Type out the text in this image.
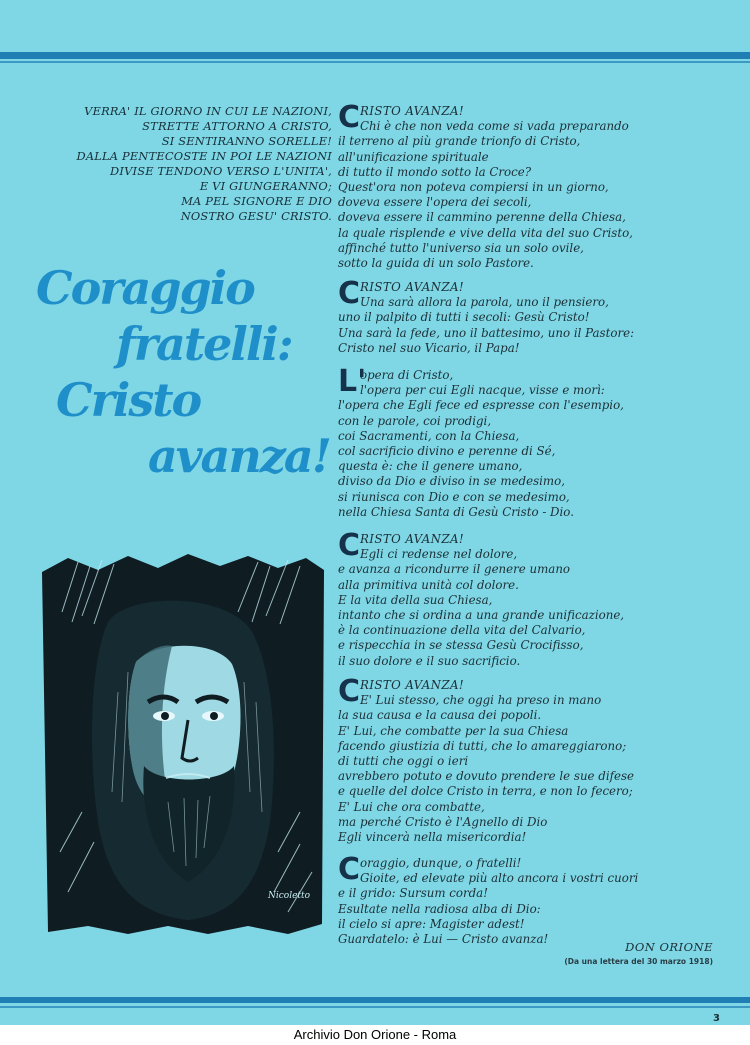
VERRA' IL GIORNO IN CUI LE NAZIONI,
STRETTE ATTORNO A CRISTO,
SI SENTIRANNO SORELLE!
DALLA PENTECOSTE IN POI LE NAZIONI
DIVISE TENDONO VERSO L'UNITA',
E VI GIUNGERANNO;
MA PEL SIGNORE E DIO
NOSTRO GESU' CRISTO.
Coraggio
fratelli:
Cristo
avanza!
Nicoletto
C RISTO AVANZA!
Chi è che non veda come si vada preparando
il terreno al più grande trionfo di Cristo,
all'unificazione spirituale
di tutto il mondo sotto la Croce?
Quest'ora non poteva compiersi in un giorno,
doveva essere l'opera dei secoli,
doveva essere il cammino perenne della Chiesa,
la quale risplende e vive della vita del suo Cristo,
affinché tutto l'universo sia un solo ovile,
sotto la guida di un solo Pastore.
C RISTO AVANZA!
Una sarà allora la parola, uno il pensiero,
uno il palpito di tutti i secoli: Gesù Cristo!
Una sarà la fede, uno il battesimo, uno il Pastore:
Cristo nel suo Vicario, il Papa!
L'
opera di Cristo,
l'opera per cui Egli nacque, visse e morì:
l'opera che Egli fece ed espresse con l'esempio,
con le parole, coi prodigi,
coi Sacramenti, con la Chiesa,
col sacrificio divino e perenne di Sé,
questa è: che il genere umano,
diviso da Dio e diviso in se medesimo,
si riunisca con Dio e con se medesimo,
nella Chiesa Santa di Gesù Cristo - Dio.
C RISTO AVANZA!
Egli ci redense nel dolore,
e avanza a ricondurre il genere umano
alla primitiva unità col dolore.
E la vita della sua Chiesa,
intanto che si ordina a una grande unificazione,
è la continuazione della vita del Calvario,
e rispecchia in se stessa Gesù Crocifisso,
il suo dolore e il suo sacrificio.
C RISTO AVANZA!
E' Lui stesso, che oggi ha preso in mano
la sua causa e la causa dei popoli.
E' Lui, che combatte per la sua Chiesa
facendo giustizia di tutti, che lo amareggiarono;
di tutti che oggi o ieri
avrebbero potuto e dovuto prendere le sue difese
e quelle del dolce Cristo in terra, e non lo fecero;
E' Lui che ora combatte,
ma perché Cristo è l'Agnello di Dio
Egli vincerà nella misericordia!
C oraggio, dunque, o fratelli!
Gioite, ed elevate più alto ancora i vostri cuori
e il grido: Sursum corda!
Esultate nella radiosa alba di Dio:
il cielo si apre: Magister adest!
Guardatelo: è Lui — Cristo avanza!
DON ORIONE
(Da una lettera del 30 marzo 1918)
3
Archivio Don Orione - Roma
